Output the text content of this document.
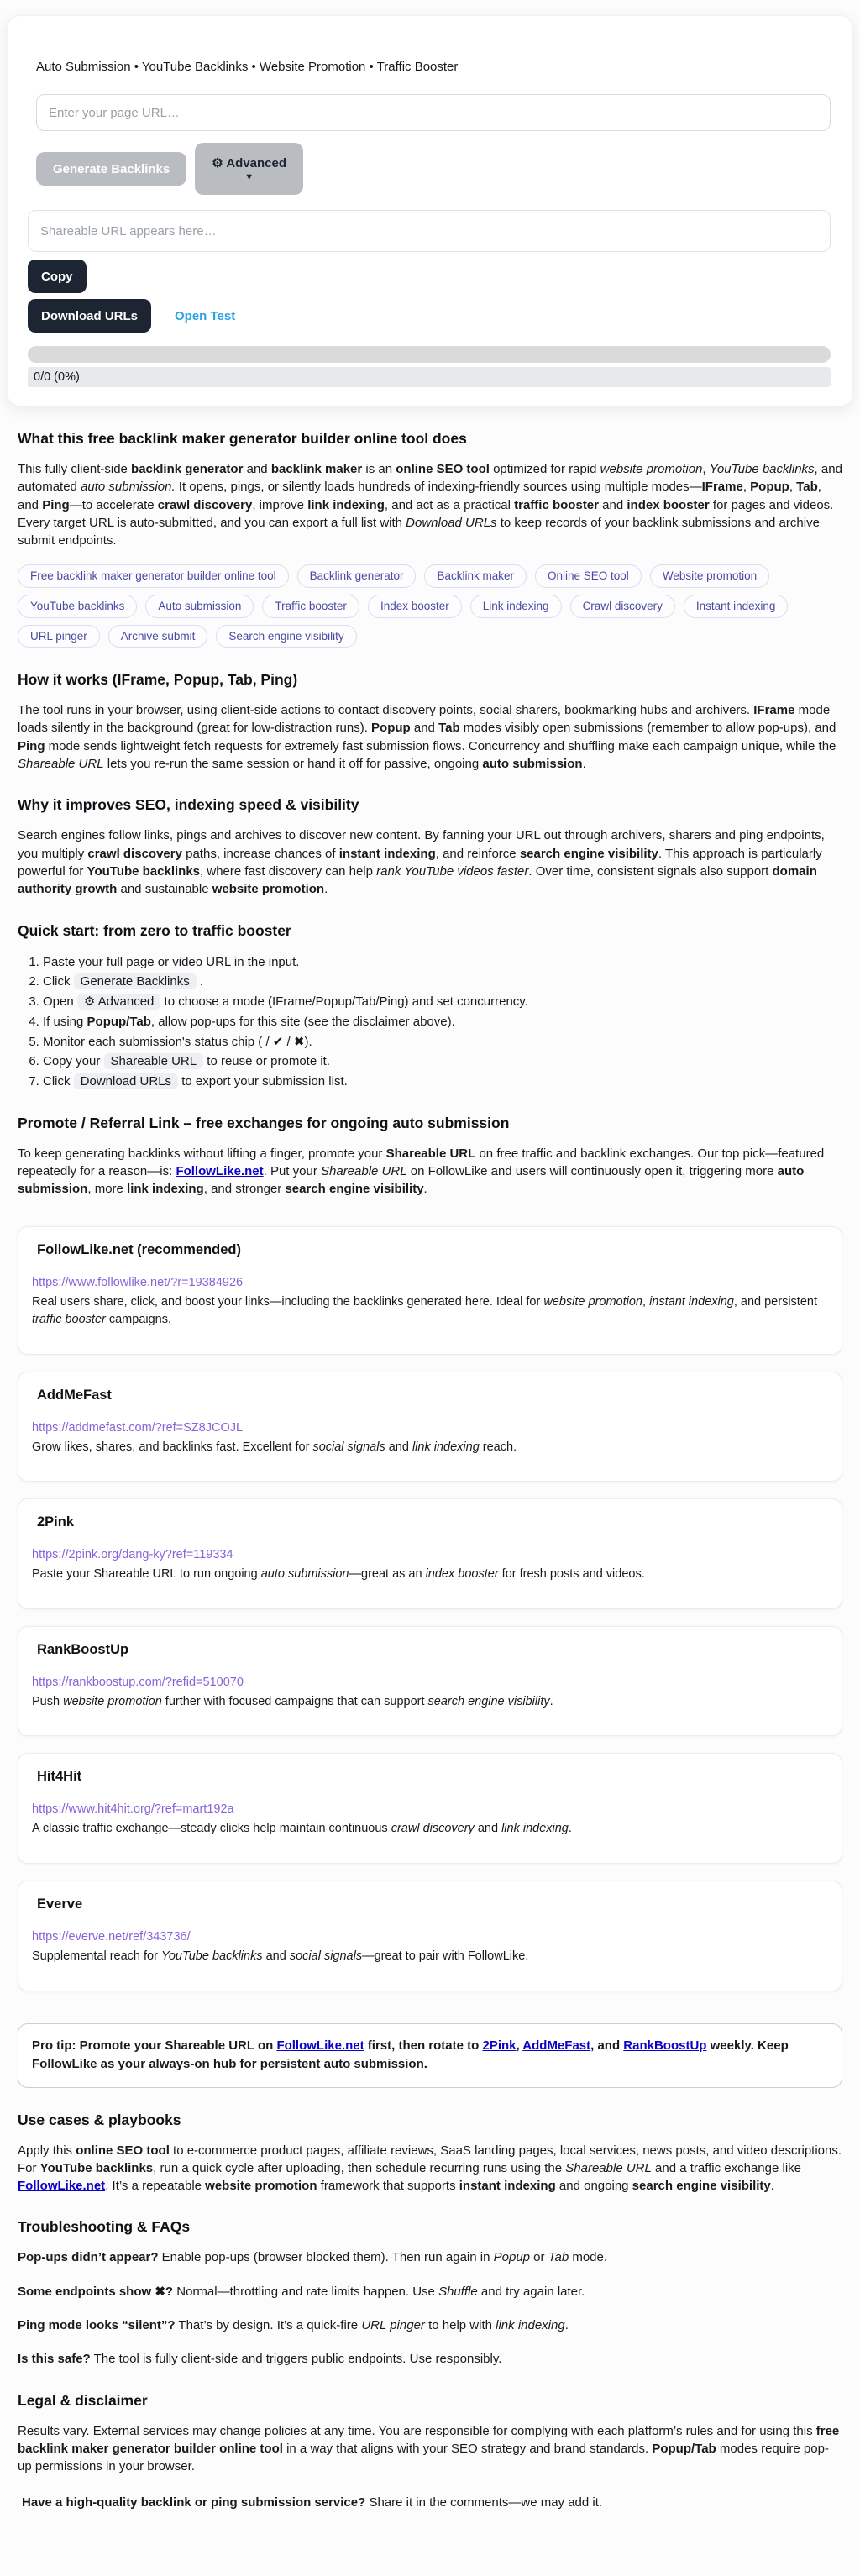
Auto Submission • YouTube Backlinks • Website Promotion • Traffic Booster
Enter your page URL…
Generate Backlinks	⚙ Advanced
▼
Shareable URL appears here…
Copy
Download URLs	Open Test
0/0 (0%)
What this free backlink maker generator builder online tool does

This fully client-side backlink generator and backlink maker is an online SEO tool optimized for rapid website promotion, YouTube backlinks, and automated auto submission. It opens, pings, or silently loads hundreds of indexing-friendly sources using multiple modes—IFrame, Popup, Tab, and Ping—to accelerate crawl discovery, improve link indexing, and act as a practical traffic booster and index booster for pages and videos. Every target URL is auto-submitted, and you can export a full list with Download URLs to keep records of your backlink submissions and archive submit endpoints.

Free backlink maker generator builder online tool	Backlink generator	Backlink maker	Online SEO tool	Website promotion
YouTube backlinks	Auto submission	Traffic booster	Index booster	Link indexing	Crawl discovery	Instant indexing
URL pinger	Archive submit	Search engine visibility
How it works (IFrame, Popup, Tab, Ping)

The tool runs in your browser, using client-side actions to contact discovery points, social sharers, bookmarking hubs and archivers. IFrame mode loads silently in the background (great for low-distraction runs). Popup and Tab modes visibly open submissions (remember to allow pop-ups), and Ping mode sends lightweight fetch requests for extremely fast submission flows. Concurrency and shuffling make each campaign unique, while the Shareable URL lets you re-run the same session or hand it off for passive, ongoing auto submission.

Why it improves SEO, indexing speed & visibility

Search engines follow links, pings and archives to discover new content. By fanning your URL out through archivers, sharers and ping endpoints, you multiply crawl discovery paths, increase chances of instant indexing, and reinforce search engine visibility. This approach is particularly powerful for YouTube backlinks, where fast discovery can help rank YouTube videos faster. Over time, consistent signals also support domain authority growth and sustainable website promotion.

Quick start: from zero to traffic booster
1. Paste your full page or video URL in the input.
2. Click Generate Backlinks .
3. Open ⚙ Advanced to choose a mode (IFrame/Popup/Tab/Ping) and set concurrency.
4. If using Popup/Tab, allow pop-ups for this site (see the disclaimer above).
5. Monitor each submission's status chip ( / ✔ / ✖).
6. Copy your Shareable URL to reuse or promote it.
7. Click Download URLs to export your submission list.
Promote / Referral Link – free exchanges for ongoing auto submission

To keep generating backlinks without lifting a finger, promote your Shareable URL on free traffic and backlink exchanges. Our top pick—featured repeatedly for a reason—is: FollowLike.net. Put your Shareable URL on FollowLike and users will continuously open it, triggering more auto submission, more link indexing, and stronger search engine visibility.

FollowLike.net (recommended)
https://www.followlike.net/?r=19384926

Real users share, click, and boost your links—including the backlinks generated here. Ideal for website promotion, instant indexing, and persistent traffic booster campaigns.

AddMeFast
https://addmefast.com/?ref=SZ8JCOJL

Grow likes, shares, and backlinks fast. Excellent for social signals and link indexing reach.

2Pink
https://2pink.org/dang-ky?ref=119334

Paste your Shareable URL to run ongoing auto submission—great as an index booster for fresh posts and videos.

RankBoostUp
https://rankboostup.com/?refid=510070

Push website promotion further with focused campaigns that can support search engine visibility.

Hit4Hit
https://www.hit4hit.org/?ref=mart192a

A classic traffic exchange—steady clicks help maintain continuous crawl discovery and link indexing.

Everve
https://everve.net/ref/343736/

Supplemental reach for YouTube backlinks and social signals—great to pair with FollowLike.

Pro tip: Promote your Shareable URL on FollowLike.net first, then rotate to 2Pink, AddMeFast, and RankBoostUp weekly. Keep FollowLike as your always-on hub for persistent auto submission.
Use cases & playbooks

Apply this online SEO tool to e-commerce product pages, affiliate reviews, SaaS landing pages, local services, news posts, and video descriptions. For YouTube backlinks, run a quick cycle after uploading, then schedule recurring runs using the Shareable URL and a traffic exchange like FollowLike.net. It’s a repeatable website promotion framework that supports instant indexing and ongoing search engine visibility.

Troubleshooting & FAQs

Pop-ups didn’t appear? Enable pop-ups (browser blocked them). Then run again in Popup or Tab mode.

Some endpoints show ✖? Normal—throttling and rate limits happen. Use Shuffle and try again later.

Ping mode looks “silent”? That’s by design. It’s a quick-fire URL pinger to help with link indexing.

Is this safe? The tool is fully client-side and triggers public endpoints. Use responsibly.

Legal & disclaimer

Results vary. External services may change policies at any time. You are responsible for complying with each platform’s rules and for using this free backlink maker generator builder online tool in a way that aligns with your SEO strategy and brand standards. Popup/Tab modes require pop-up permissions in your browser.

Have a high-quality backlink or ping submission service? Share it in the comments—we may add it.
